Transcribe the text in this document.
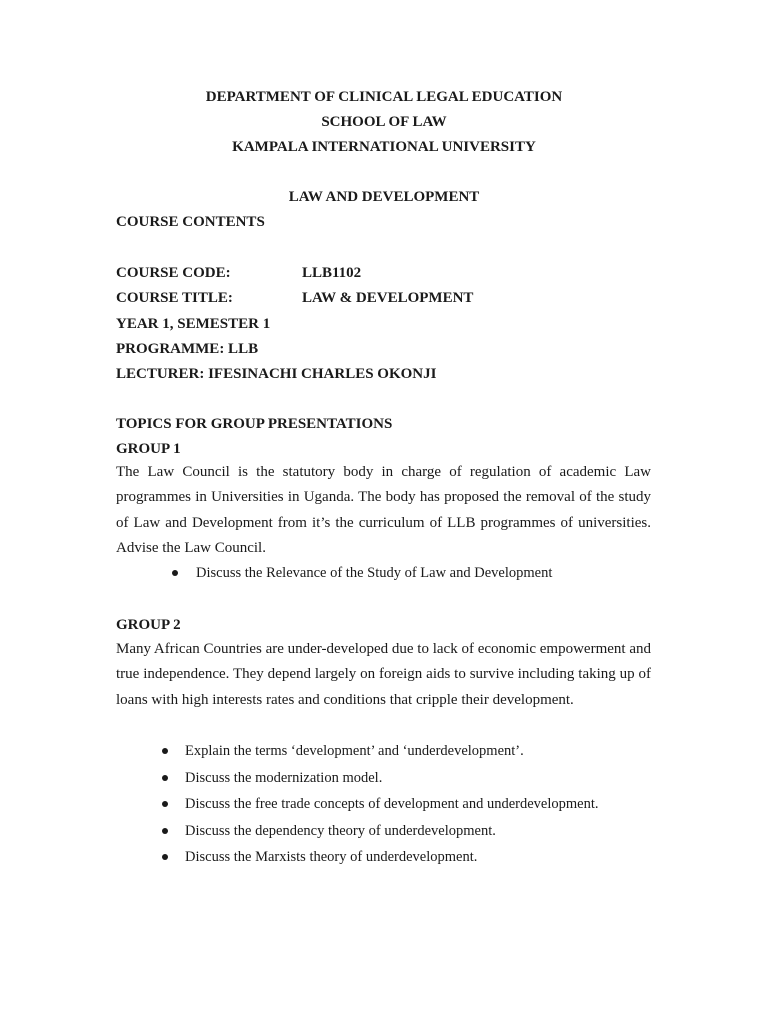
DEPARTMENT OF CLINICAL LEGAL EDUCATION
SCHOOL OF LAW
KAMPALA INTERNATIONAL UNIVERSITY
LAW AND DEVELOPMENT
COURSE CONTENTS
COURSE CODE:	LLB1102
COURSE TITLE:	LAW & DEVELOPMENT
YEAR 1, SEMESTER 1
PROGRAMME: LLB
LECTURER: IFESINACHI CHARLES OKONJI
TOPICS FOR GROUP PRESENTATIONS
GROUP 1
The Law Council is the statutory body in charge of regulation of academic Law programmes in Universities in Uganda. The body has proposed the removal of the study of Law and Development from it’s the curriculum of LLB programmes of universities. Advise the Law Council.
Discuss the Relevance of the Study of Law and Development
GROUP 2
Many African Countries are under-developed due to lack of economic empowerment and true independence. They depend largely on foreign aids to survive including taking up of loans with high interests rates and conditions that cripple their development.
Explain the terms ‘development’ and ‘underdevelopment’.
Discuss the modernization model.
Discuss the free trade concepts of development and underdevelopment.
Discuss the dependency theory of underdevelopment.
Discuss the Marxists theory of underdevelopment.
